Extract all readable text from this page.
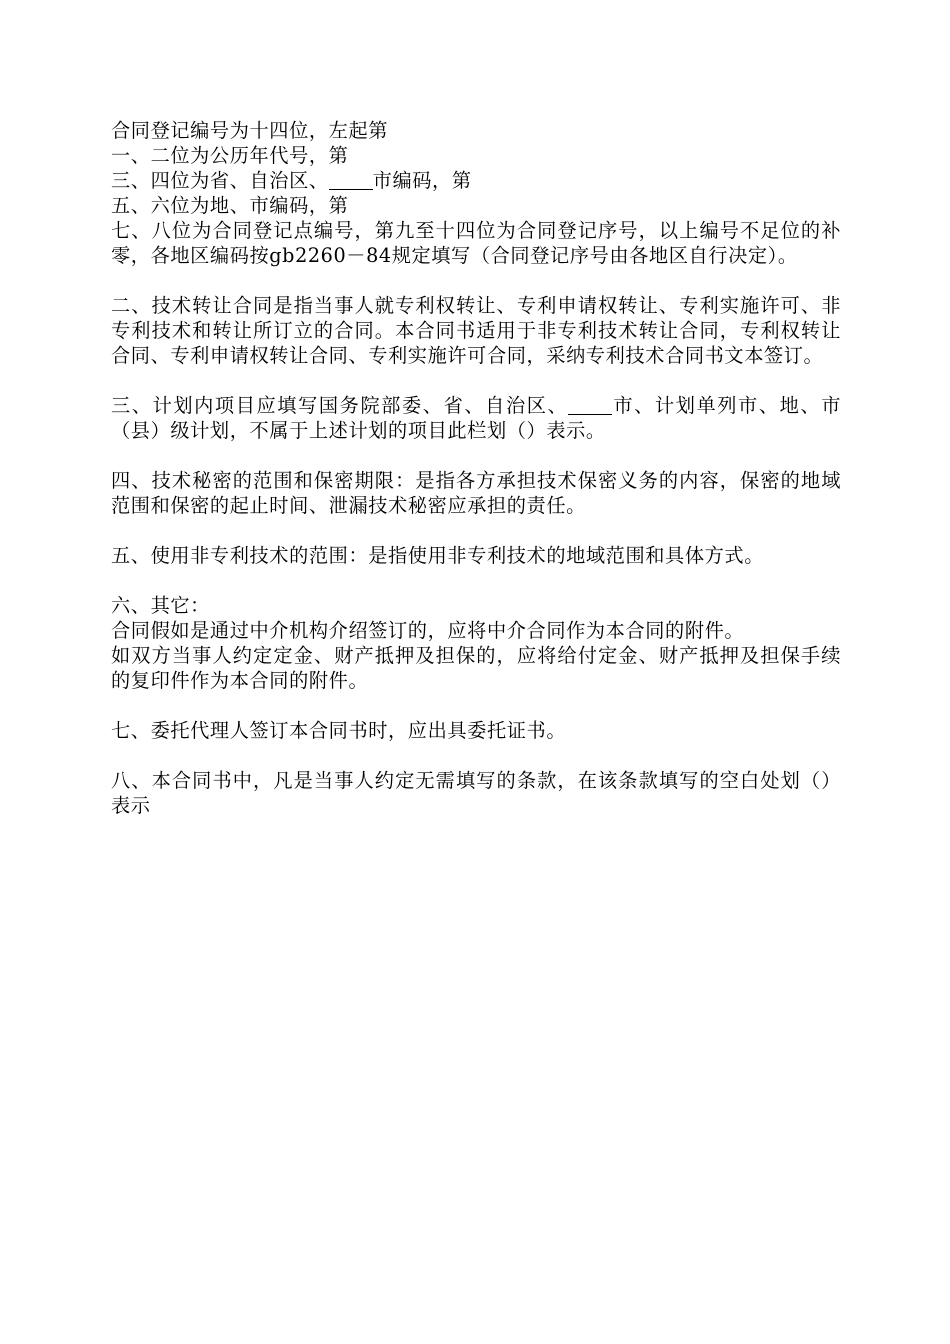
合同登记编号为十四位，左起第
一、二位为公历年代号，第
三、四位为省、自治区、 市编码，第
五、六位为地、市编码，第
七、八位为合同登记点编号，第九至十四位为合同登记序号，以上编号不足位的补零，各地区编码按gb2260－84规定填写（合同登记序号由各地区自行决定）。
二、技术转让合同是指当事人就专利权转让、专利申请权转让、专利实施许可、非专利技术和转让所订立的合同。本合同书适用于非专利技术转让合同，专利权转让合同、专利申请权转让合同、专利实施许可合同，采纳专利技术合同书文本签订。
三、计划内项目应填写国务院部委、省、自治区、 市、计划单列市、地、市（县）级计划，不属于上述计划的项目此栏划（）表示。
四、技术秘密的范围和保密期限：是指各方承担技术保密义务的内容，保密的地域范围和保密的起止时间、泄漏技术秘密应承担的责任。
五、使用非专利技术的范围：是指使用非专利技术的地域范围和具体方式。
六、其它：
合同假如是通过中介机构介绍签订的，应将中介合同作为本合同的附件。
如双方当事人约定定金、财产抵押及担保的，应将给付定金、财产抵押及担保手续的复印件作为本合同的附件。
七、委托代理人签订本合同书时，应出具委托证书。
八、本合同书中，凡是当事人约定无需填写的条款，在该条款填写的空白处划（）表示
